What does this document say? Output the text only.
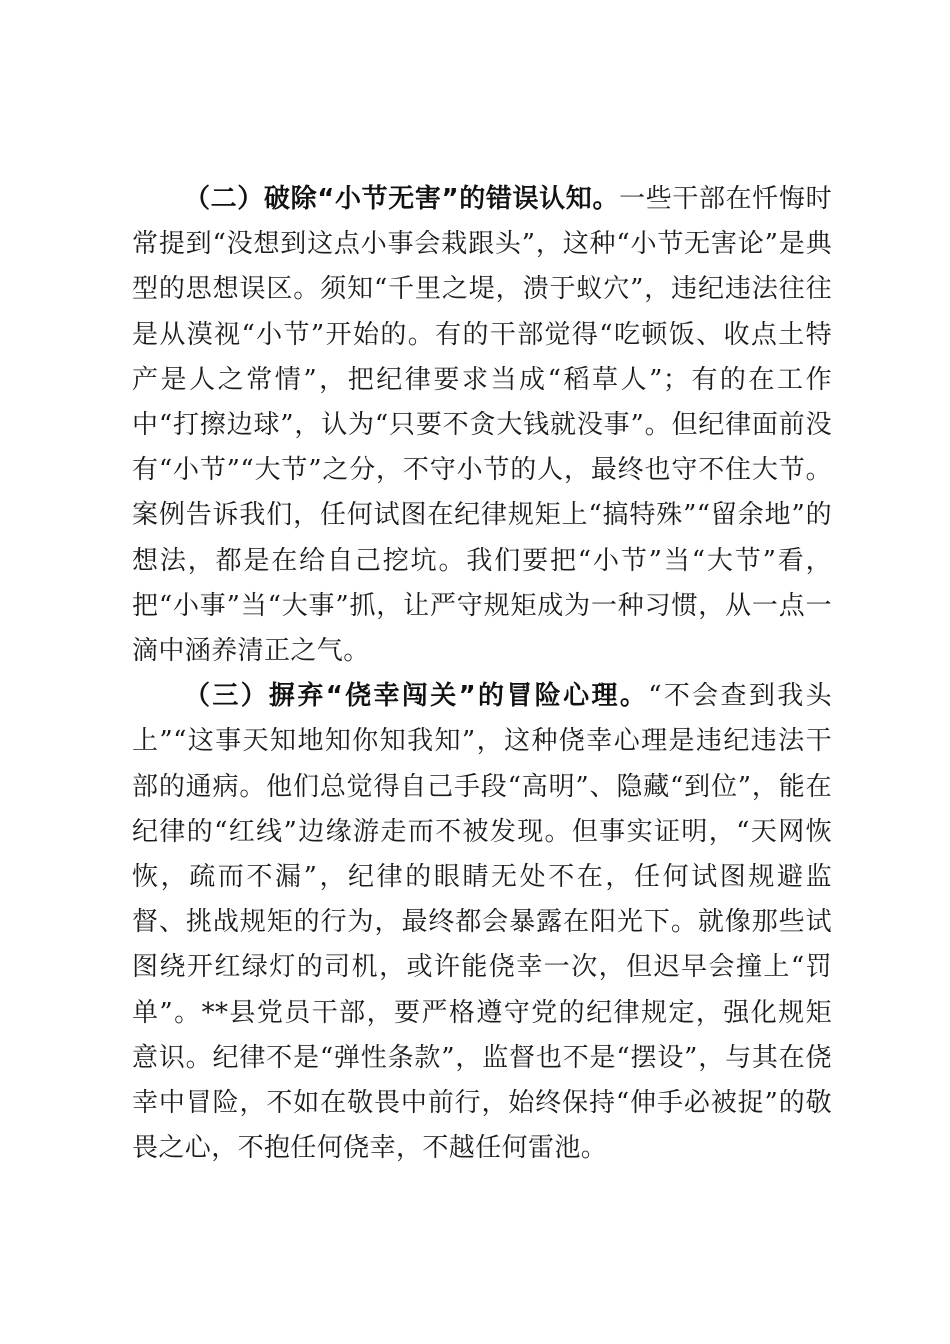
（二）破除“小节无害”的错误认知。一些干部在忏悔时常提到“没想到这点小事会栽跟头”，这种“小节无害论”是典型的思想误区。须知“千里之堤，溃于蚁穴”，违纪违法往往是从漠视“小节”开始的。有的干部觉得“吃顿饭、收点土特产是人之常情”，把纪律要求当成“稻草人”；有的在工作中“打擦边球”，认为“只要不贪大钱就没事”。但纪律面前没有“小节”“大节”之分，不守小节的人，最终也守不住大节。案例告诉我们，任何试图在纪律规矩上“搞特殊”“留余地”的想法，都是在给自己挖坑。我们要把“小节”当“大节”看，把“小事”当“大事”抓，让严守规矩成为一种习惯，从一点一滴中涵养清正之气。

（三）摒弃“侥幸闯关”的冒险心理。“不会查到我头上”“这事天知地知你知我知”，这种侥幸心理是违纪违法干部的通病。他们总觉得自己手段“高明”、隐藏“到位”，能在纪律的“红线”边缘游走而不被发现。但事实证明，“天网恢恢，疏而不漏”，纪律的眼睛无处不在，任何试图规避监督、挑战规矩的行为，最终都会暴露在阳光下。就像那些试图绕开红绿灯的司机，或许能侥幸一次，但迟早会撞上“罚单”。**县党员干部，要严格遵守党的纪律规定，强化规矩意识。纪律不是“弹性条款”，监督也不是“摆设”，与其在侥幸中冒险，不如在敬畏中前行，始终保持“伸手必被捉”的敬畏之心，不抱任何侥幸，不越任何雷池。
